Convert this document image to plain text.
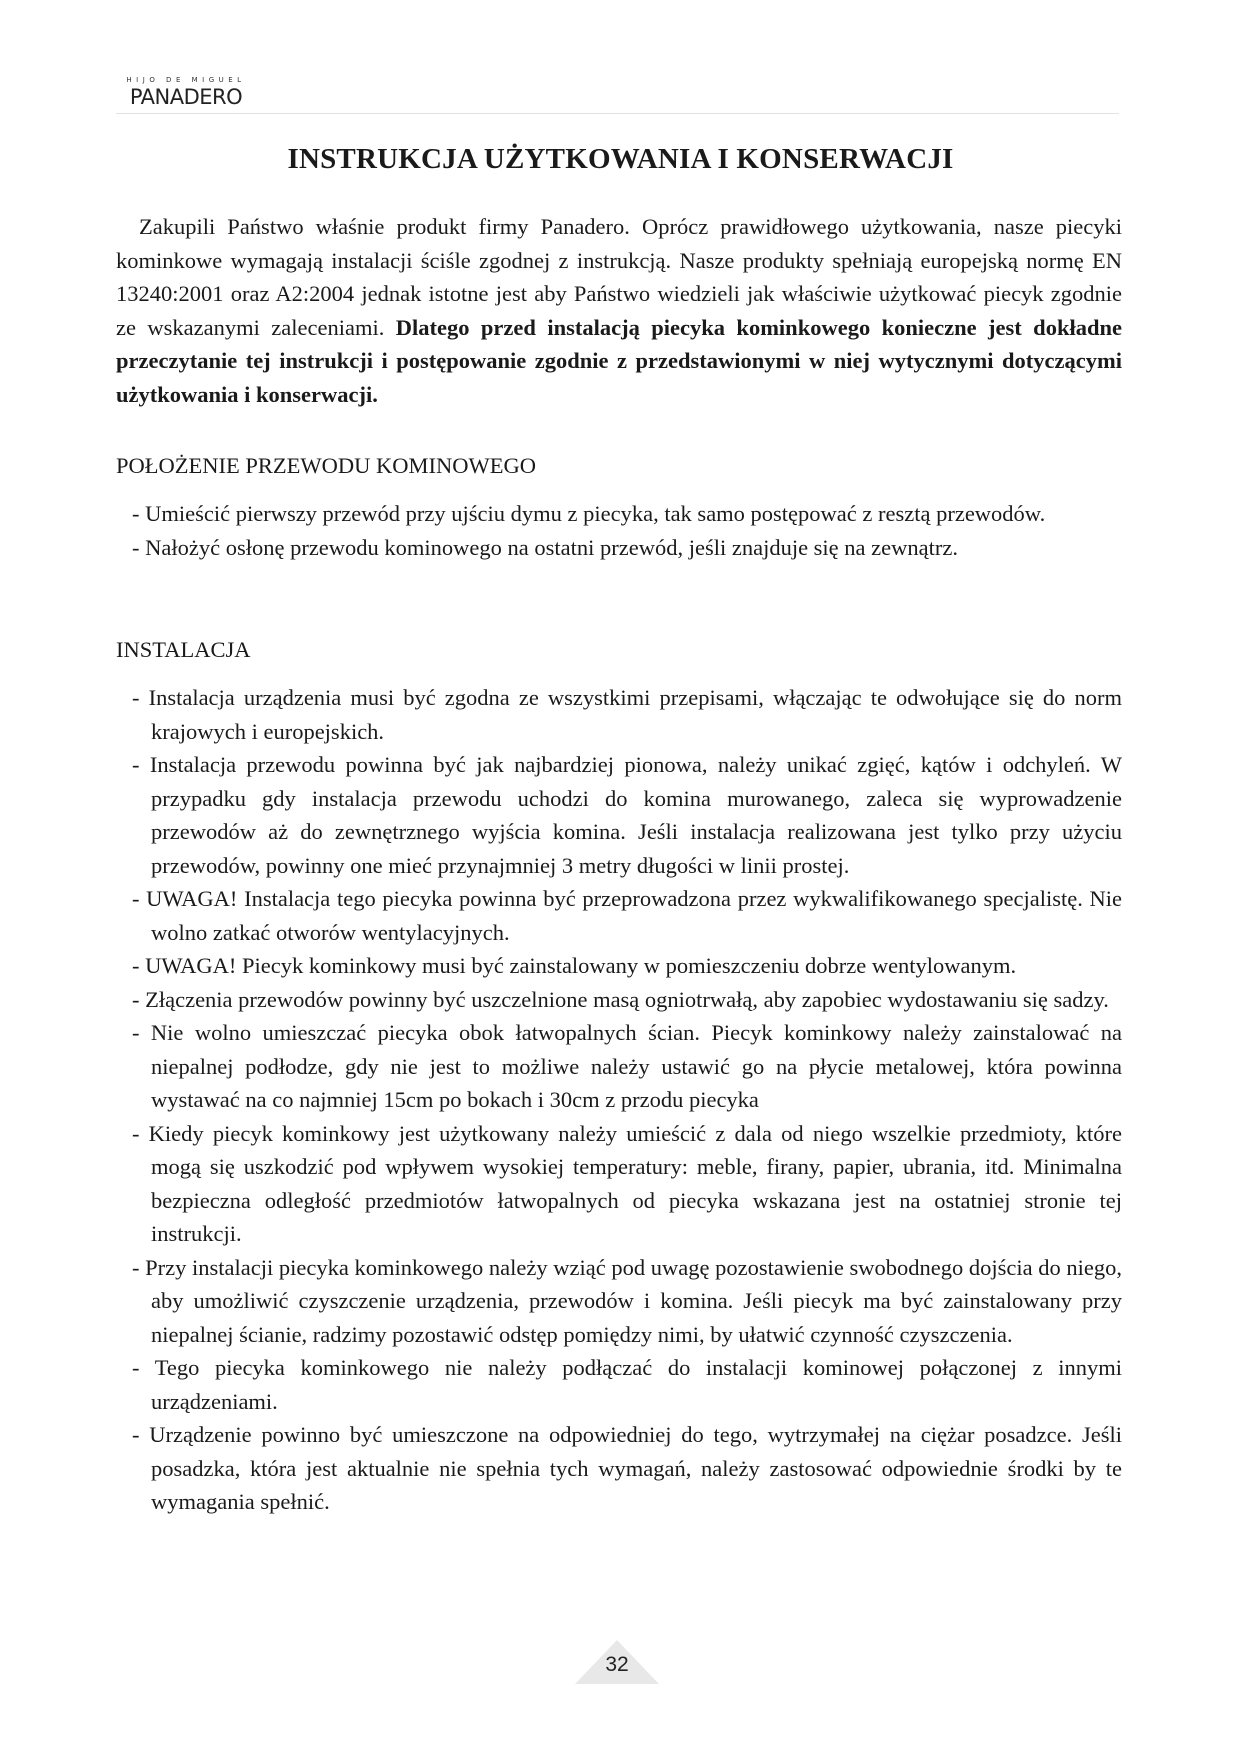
HIJO DE MIGUEL
PANADERO
INSTRUKCJA UŻYTKOWANIA I KONSERWACJI

Zakupili Państwo właśnie produkt firmy Panadero. Oprócz prawidłowego użytkowania, nasze piecyki kominkowe wymagają instalacji ściśle zgodnej z instrukcją. Nasze produkty spełniają europejską normę EN 13240:2001 oraz A2:2004 jednak istotne jest aby Państwo wiedzieli jak właściwie użytkować piecyk zgodnie ze wskazanymi zaleceniami. Dlatego przed instalacją piecyka kominkowego konieczne jest dokładne przeczytanie tej instrukcji i postępowanie zgodnie z przedstawionymi w niej wytycznymi dotyczącymi użytkowania i konserwacji.

POŁOŻENIE PRZEWODU KOMINOWEGO
- Umieścić pierwszy przewód przy ujściu dymu z piecyka, tak samo postępować z resztą przewodów.
- Nałożyć osłonę przewodu kominowego na ostatni przewód, jeśli znajduje się na zewnątrz.
INSTALACJA
- Instalacja urządzenia musi być zgodna ze wszystkimi przepisami, włączając te odwołujące się do norm krajowych i europejskich.
- Instalacja przewodu powinna być jak najbardziej pionowa, należy unikać zgięć, kątów i odchyleń. W przypadku gdy instalacja przewodu uchodzi do komina murowanego, zaleca się wyprowadzenie przewodów aż do zewnętrznego wyjścia komina. Jeśli instalacja realizowana jest tylko przy użyciu przewodów, powinny one mieć przynajmniej 3 metry długości w linii prostej.
- UWAGA! Instalacja tego piecyka powinna być przeprowadzona przez wykwalifikowanego specjalistę. Nie wolno zatkać otworów wentylacyjnych.
- UWAGA! Piecyk kominkowy musi być zainstalowany w pomieszczeniu dobrze wentylowanym.
- Złączenia przewodów powinny być uszczelnione masą ogniotrwałą, aby zapobiec wydostawaniu się sadzy.
- Nie wolno umieszczać piecyka obok łatwopalnych ścian. Piecyk kominkowy należy zainstalować na niepalnej podłodze, gdy nie jest to możliwe należy ustawić go na płycie metalowej, która powinna wystawać na co najmniej 15cm po bokach i 30cm z przodu piecyka
- Kiedy piecyk kominkowy jest użytkowany należy umieścić z dala od niego wszelkie przedmioty, które mogą się uszkodzić pod wpływem wysokiej temperatury: meble, firany, papier, ubrania, itd. Minimalna bezpieczna odległość przedmiotów łatwopalnych od piecyka wskazana jest na ostatniej stronie tej instrukcji.
- Przy instalacji piecyka kominkowego należy wziąć pod uwagę pozostawienie swobodnego dojścia do niego, aby umożliwić czyszczenie urządzenia, przewodów i komina. Jeśli piecyk ma być zainstalowany przy niepalnej ścianie, radzimy pozostawić odstęp pomiędzy nimi, by ułatwić czynność czyszczenia.
- Tego piecyka kominkowego nie należy podłączać do instalacji kominowej połączonej z innymi urządzeniami.
- Urządzenie powinno być umieszczone na odpowiedniej do tego, wytrzymałej na ciężar posadzce. Jeśli posadzka, która jest aktualnie nie spełnia tych wymagań, należy zastosować odpowiednie środki by te wymagania spełnić.
32
